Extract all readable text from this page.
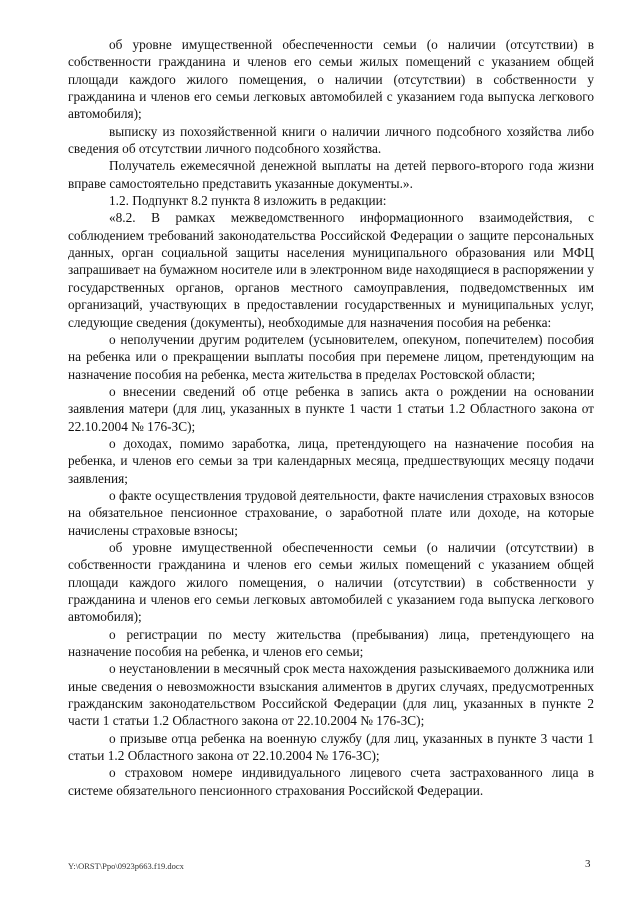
об уровне имущественной обеспеченности семьи (о наличии (отсутствии) в собственности гражданина и членов его семьи жилых помещений с указанием общей площади каждого жилого помещения, о наличии (отсутствии) в собственности у гражданина и членов его семьи легковых автомобилей с указанием года выпуска легкового автомобиля);

выписку из похозяйственной книги о наличии личного подсобного хозяйства либо сведения об отсутствии личного подсобного хозяйства.

Получатель ежемесячной денежной выплаты на детей первого-второго года жизни вправе самостоятельно представить указанные документы.».

1.2. Подпункт 8.2 пункта 8 изложить в редакции:

«8.2. В рамках межведомственного информационного взаимодействия, с соблюдением требований законодательства Российской Федерации о защите персональных данных, орган социальной защиты населения муниципального образования или МФЦ запрашивает на бумажном носителе или в электронном виде находящиеся в распоряжении у государственных органов, органов местного самоуправления, подведомственных им организаций, участвующих в предоставлении государственных и муниципальных услуг, следующие сведения (документы), необходимые для назначения пособия на ребенка:

о неполучении другим родителем (усыновителем, опекуном, попечителем) пособия на ребенка или о прекращении выплаты пособия при перемене лицом, претендующим на назначение пособия на ребенка, места жительства в пределах Ростовской области;

о внесении сведений об отце ребенка в запись акта о рождении на основании заявления матери (для лиц, указанных в пункте 1 части 1 статьи 1.2 Областного закона от 22.10.2004 № 176-ЗС);

о доходах, помимо заработка, лица, претендующего на назначение пособия на ребенка, и членов его семьи за три календарных месяца, предшествующих месяцу подачи заявления;

о факте осуществления трудовой деятельности, факте начисления страховых взносов на обязательное пенсионное страхование, о заработной плате или доходе, на которые начислены страховые взносы;

об уровне имущественной обеспеченности семьи (о наличии (отсутствии) в собственности гражданина и членов его семьи жилых помещений с указанием общей площади каждого жилого помещения, о наличии (отсутствии) в собственности у гражданина и членов его семьи легковых автомобилей с указанием года выпуска легкового автомобиля);

о регистрации по месту жительства (пребывания) лица, претендующего на назначение пособия на ребенка, и членов его семьи;

о неустановлении в месячный срок места нахождения разыскиваемого должника или иные сведения о невозможности взыскания алиментов в других случаях, предусмотренных гражданским законодательством Российской Федерации (для лиц, указанных в пункте 2 части 1 статьи 1.2 Областного закона от 22.10.2004 № 176-ЗС);

о призыве отца ребенка на военную службу (для лиц, указанных в пункте 3 части 1 статьи 1.2 Областного закона от 22.10.2004 № 176-ЗС);

о страховом номере индивидуального лицевого счета застрахованного лица в системе обязательного пенсионного страхования Российской Федерации.

Y:\ORST\Ppo\0923p663.f19.docx	3
